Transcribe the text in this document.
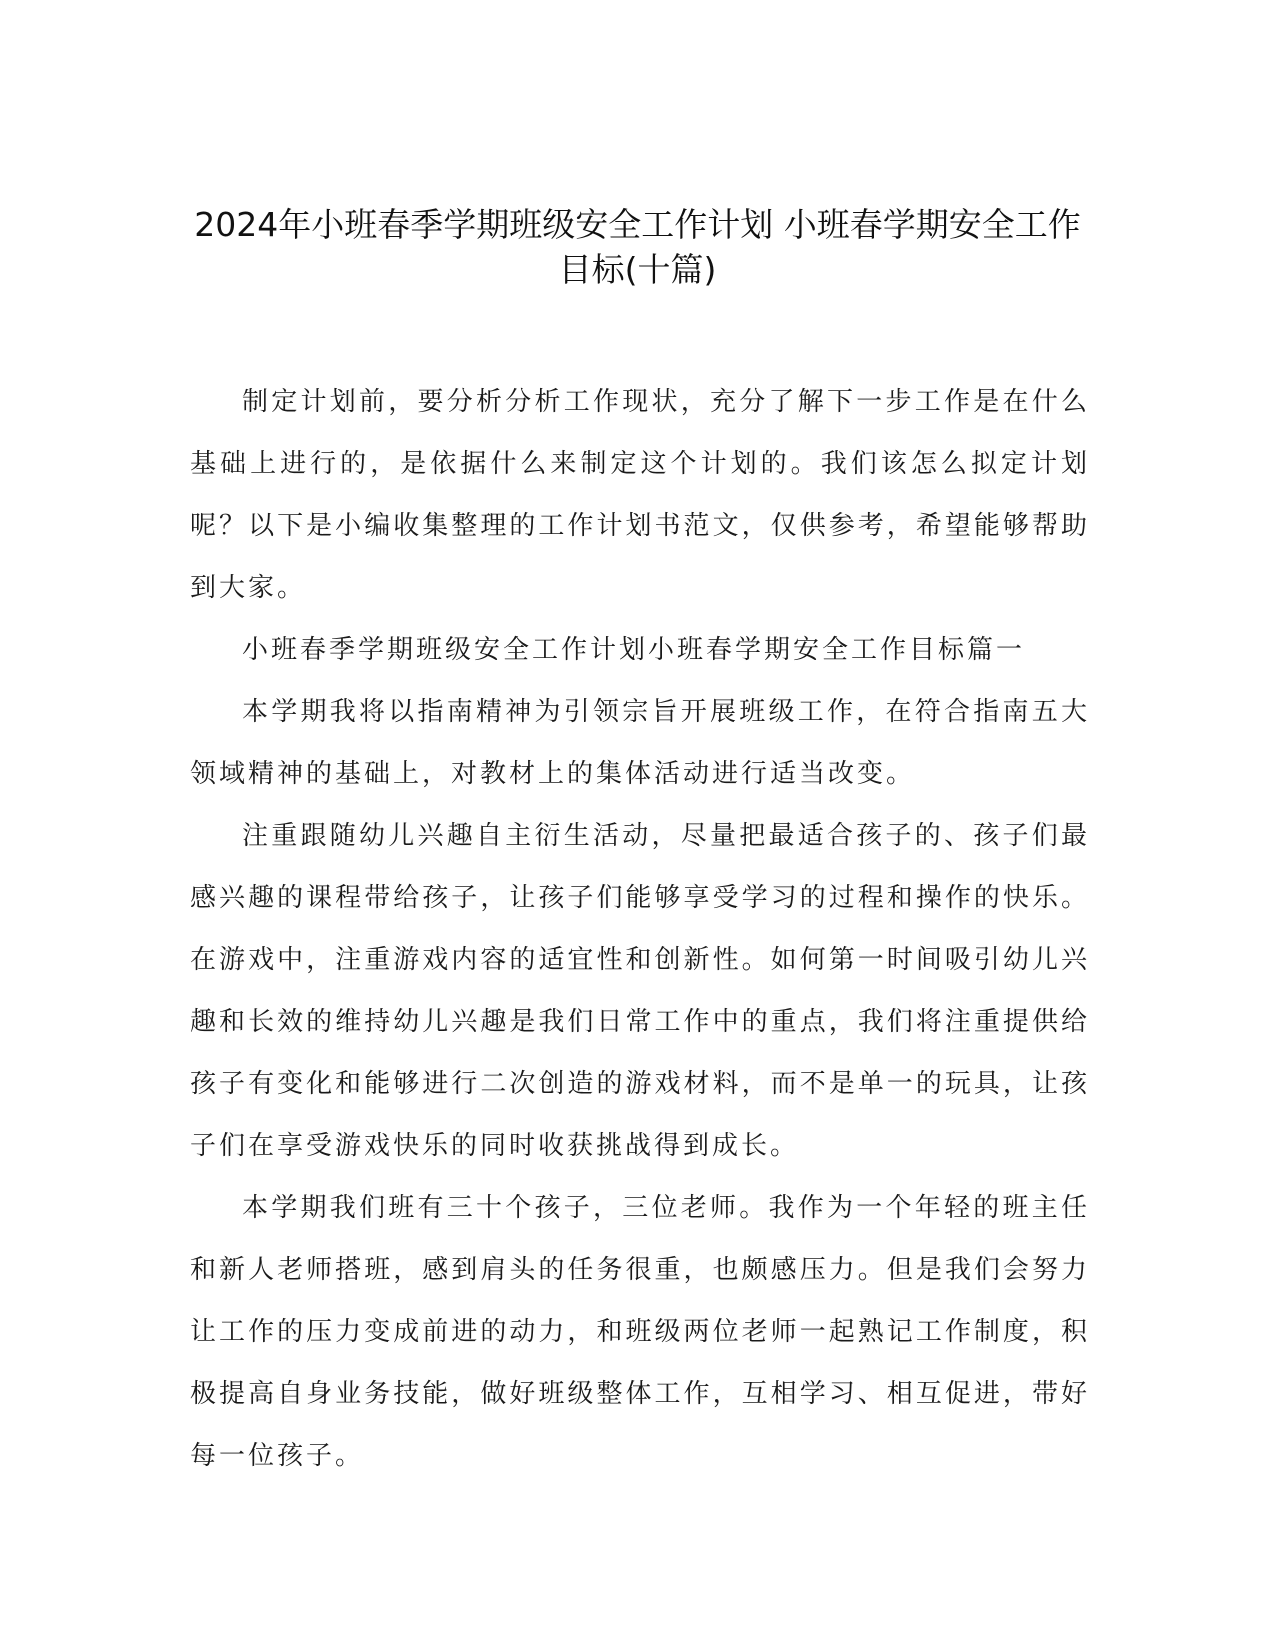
2024年小班春季学期班级安全工作计划 小班春学期安全工作
目标(十篇)

制定计划前，要分析分析工作现状，充分了解下一步工作是在什么基础上进行的，是依据什么来制定这个计划的。我们该怎么拟定计划呢？以下是小编收集整理的工作计划书范文，仅供参考，希望能够帮助到大家。

小班春季学期班级安全工作计划小班春学期安全工作目标篇一

本学期我将以指南精神为引领宗旨开展班级工作，在符合指南五大领域精神的基础上，对教材上的集体活动进行适当改变。

注重跟随幼儿兴趣自主衍生活动，尽量把最适合孩子的、孩子们最感兴趣的课程带给孩子，让孩子们能够享受学习的过程和操作的快乐。在游戏中，注重游戏内容的适宜性和创新性。如何第一时间吸引幼儿兴趣和长效的维持幼儿兴趣是我们日常工作中的重点，我们将注重提供给孩子有变化和能够进行二次创造的游戏材料，而不是单一的玩具，让孩子们在享受游戏快乐的同时收获挑战得到成长。

本学期我们班有三十个孩子，三位老师。我作为一个年轻的班主任和新人老师搭班，感到肩头的任务很重，也颇感压力。但是我们会努力让工作的压力变成前进的动力，和班级两位老师一起熟记工作制度，积极提高自身业务技能，做好班级整体工作，互相学习、相互促进，带好每一位孩子。
